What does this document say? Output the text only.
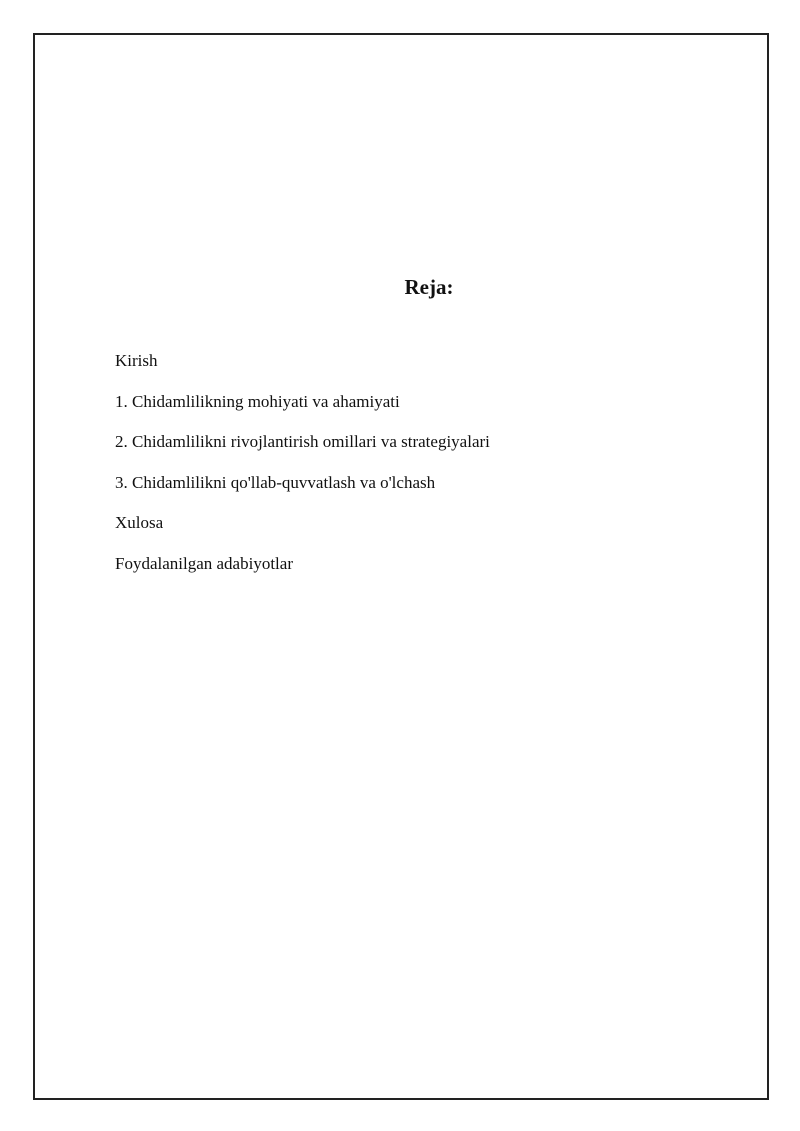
Reja:
Kirish
1. Chidamlilikning mohiyati va ahamiyati
2. Chidamlilikni rivojlantirish omillari va strategiyalari
3. Chidamlilikni qo'llab-quvvatlash va o'lchash
Xulosa
Foydalanilgan adabiyotlar
